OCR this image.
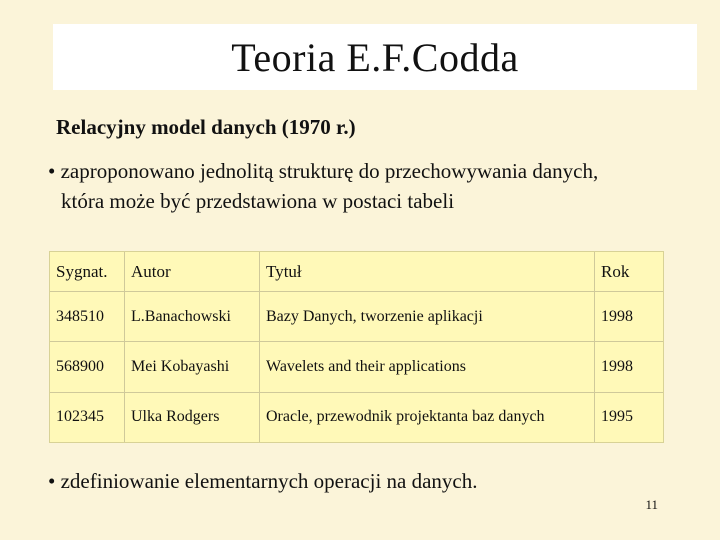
Teoria E.F.Codda

Relacyjny model danych (1970 r.)

• zaproponowano jednolitą strukturę do przechowywania danych,
która może być przedstawiona w postaci tabeli
Sygnat.	Autor	Tytuł	Rok
348510	L.Banachowski	Bazy Danych, tworzenie aplikacji	1998
568900	Mei Kobayashi	Wavelets and their applications	1998
102345	Ulka Rodgers	Oracle, przewodnik projektanta baz danych	1995
• zdefiniowanie elementarnych operacji na danych.
11
